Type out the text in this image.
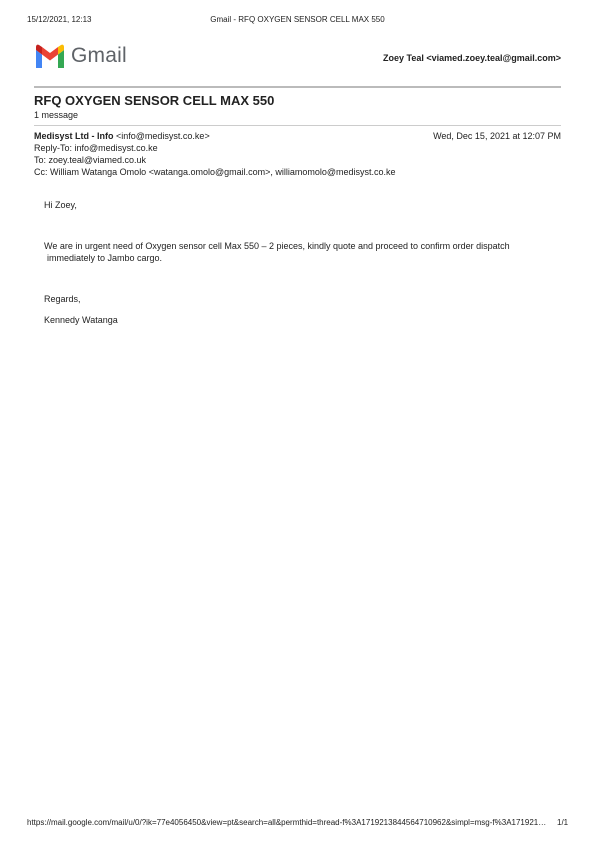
15/12/2021, 12:13	Gmail - RFQ OXYGEN SENSOR CELL MAX 550
Gmail	Zoey Teal <viamed.zoey.teal@gmail.com>
RFQ OXYGEN SENSOR CELL MAX 550
1 message
Medisyst Ltd - Info <info@medisyst.co.ke>	Wed, Dec 15, 2021 at 12:07 PM
Reply-To: info@medisyst.co.ke
To: zoey.teal@viamed.co.uk
Cc: William Watanga Omolo <watanga.omolo@gmail.com>, williamomolo@medisyst.co.ke
Hi Zoey,
We are in urgent need of Oxygen sensor cell Max 550 – 2 pieces, kindly quote and proceed to confirm order dispatch
immediately to Jambo cargo.
Regards,
Kennedy Watanga
https://mail.google.com/mail/u/0/?ik=77e4056450&view=pt&search=all&permthid=thread-f%3A1719213844564710962&simpl=msg-f%3A171921… 1/1
